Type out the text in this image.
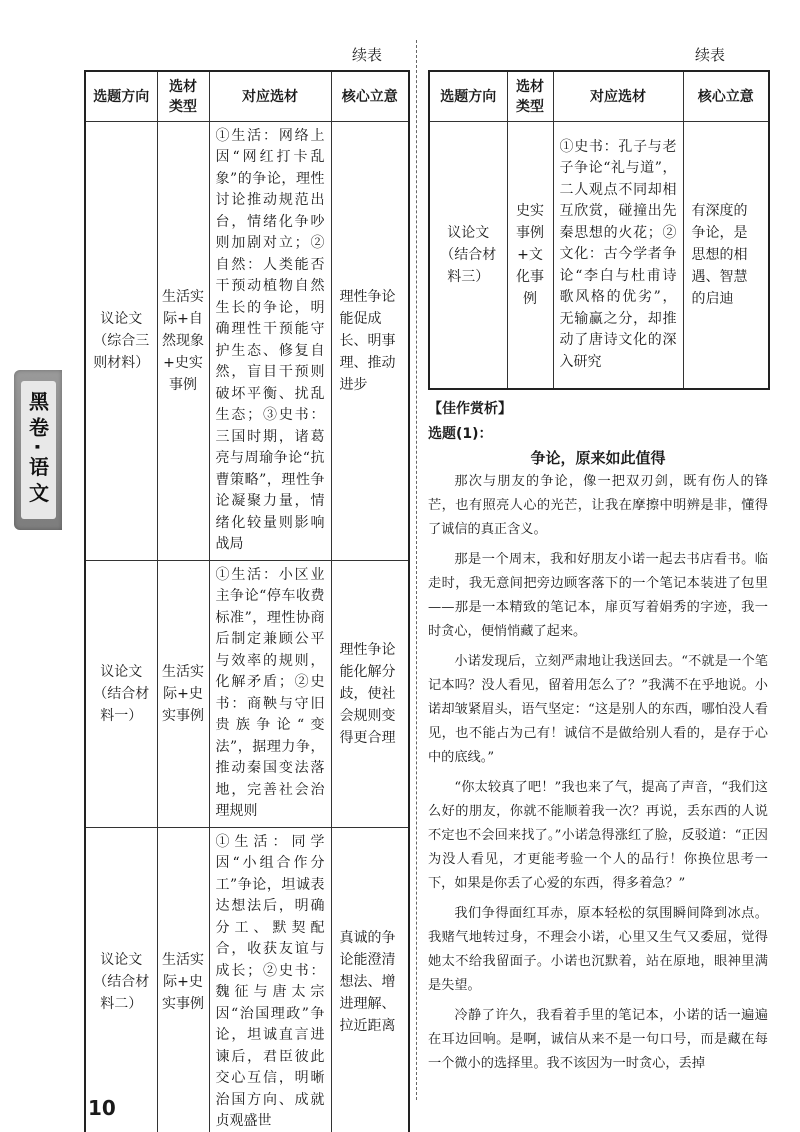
黑卷·语文
续表	续表
选题方向	选材类型	对应选材	核心立意
议论文（综合三则材料）	生活实际+自然现象+史实事例	①生活：网络上因“网红打卡乱象”的争论，理性讨论推动规范出台，情绪化争吵则加剧对立；②自然：人类能否干预动植物自然生长的争论，明确理性干预能守护生态、修复自然，盲目干预则破坏平衡、扰乱生态；③史书：三国时期，诸葛亮与周瑜争论“抗曹策略”，理性争论凝聚力量，情绪化较量则影响战局	理性争论能促成长、明事理、推动进步
议论文（结合材料一）	生活实际+史实事例	①生活：小区业主争论“停车收费标准”，理性协商后制定兼顾公平与效率的规则，化解矛盾；②史书：商鞅与守旧贵族争论“变法”，据理力争，推动秦国变法落地，完善社会治理规则	理性争论能化解分歧，使社会规则变得更合理
议论文（结合材料二）	生活实际+史实事例	①生活：同学因“小组合作分工”争论，坦诚表达想法后，明确分工、默契配合，收获友谊与成长；②史书：魏征与唐太宗因“治国理政”争论，坦诚直言进谏后，君臣彼此交心互信，明晰治国方向、成就贞观盛世	真诚的争论能澄清想法、增进理解、拉近距离
选题方向	选材类型	对应选材	核心立意
议论文（结合材料三）	史实事例+文化事例	①史书：孔子与老子争论“礼与道”，二人观点不同却相互欣赏，碰撞出先秦思想的火花；②文化：古今学者争论“李白与杜甫诗歌风格的优劣”，无输赢之分，却推动了唐诗文化的深入研究	有深度的争论，是思想的相遇、智慧的启迪
【佳作赏析】
选题(1)：
争论，原来如此值得

那次与朋友的争论，像一把双刃剑，既有伤人的锋芒，也有照亮人心的光芒，让我在摩擦中明辨是非，懂得了诚信的真正含义。

那是一个周末，我和好朋友小诺一起去书店看书。临走时，我无意间把旁边顾客落下的一个笔记本装进了包里——那是一本精致的笔记本，扉页写着娟秀的字迹，我一时贪心，便悄悄藏了起来。

小诺发现后，立刻严肃地让我送回去。“不就是一个笔记本吗？没人看见，留着用怎么了？”我满不在乎地说。小诺却皱紧眉头，语气坚定：“这是别人的东西，哪怕没人看见，也不能占为己有！诚信不是做给别人看的，是存于心中的底线。”

“你太较真了吧！”我也来了气，提高了声音，“我们这么好的朋友，你就不能顺着我一次？再说，丢东西的人说不定也不会回来找了。”小诺急得涨红了脸，反驳道：“正因为没人看见，才更能考验一个人的品行！你换位思考一下，如果是你丢了心爱的东西，得多着急？”

我们争得面红耳赤，原本轻松的氛围瞬间降到冰点。我赌气地转过身，不理会小诺，心里又生气又委屈，觉得她太不给我留面子。小诺也沉默着，站在原地，眼神里满是失望。

冷静了许久，我看着手里的笔记本，小诺的话一遍遍在耳边回响。是啊，诚信从来不是一句口号，而是藏在每一个微小的选择里。我不该因为一时贪心，丢掉

10
